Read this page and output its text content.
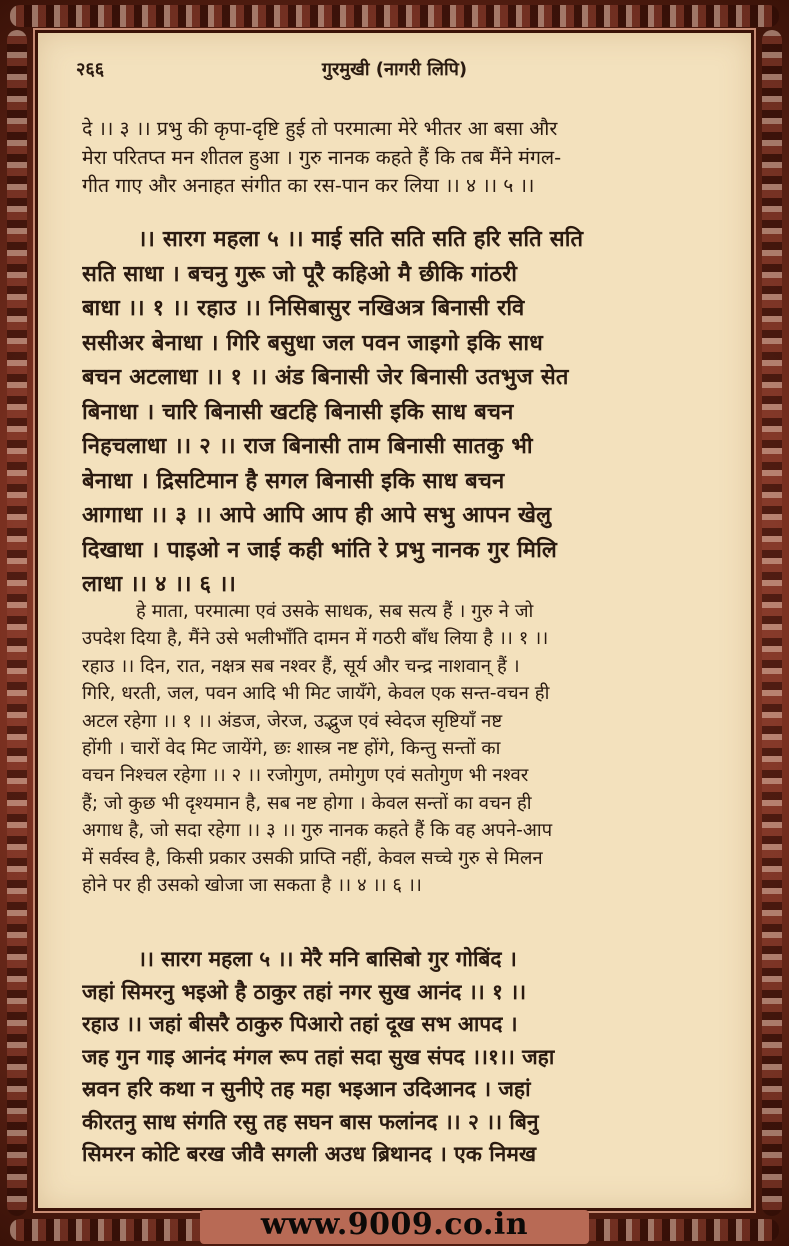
२६६	गुरमुखी (नागरी लिपि)
दे ।। ३ ।। प्रभु की कृपा-दृष्टि हुई तो परमात्मा मेरे भीतर आ बसा और
मेरा परितप्त मन शीतल हुआ । गुरु नानक कहते हैं कि तब मैंने मंगल-
गीत गाए और अनाहत संगीत का रस-पान कर लिया ।। ४ ।। ५ ।।
।। सारग महला ५ ।। माई सति सति सति हरि सति सति
सति साधा । बचनु गुरू जो पूरै कहिओ मै छीकि गांठरी
बाधा ।। १ ।। रहाउ ।। निसिबासुर नखिअत्र बिनासी रवि
ससीअर बेनाधा । गिरि बसुधा जल पवन जाइगो इकि साध
बचन अटलाधा ।। १ ।। अंड बिनासी जेर बिनासी उतभुज सेत
बिनाधा । चारि बिनासी खटहि बिनासी इकि साध बचन
निहचलाधा ।। २ ।। राज बिनासी ताम बिनासी सातकु भी
बेनाधा । द्रिसटिमान है सगल बिनासी इकि साध बचन
आगाधा ।। ३ ।। आपे आपि आप ही आपे सभु आपन खेलु
दिखाधा । पाइओ न जाई कही भांति रे प्रभु नानक गुर मिलि
लाधा ।। ४ ।। ६ ।।
हे माता, परमात्मा एवं उसके साधक, सब सत्य हैं । गुरु ने जो
उपदेश दिया है, मैंने उसे भलीभाँति दामन में गठरी बाँध लिया है ।। १ ।।
रहाउ ।। दिन, रात, नक्षत्र सब नश्वर हैं, सूर्य और चन्द्र नाशवान् हैं ।
गिरि, धरती, जल, पवन आदि भी मिट जायँगे, केवल एक सन्त-वचन ही
अटल रहेगा ।। १ ।। अंडज, जेरज, उद्भुज एवं स्वेदज सृष्टियाँ नष्ट
होंगी । चारों वेद मिट जायेंगे, छः शास्त्र नष्ट होंगे, किन्तु सन्तों का
वचन निश्चल रहेगा ।। २ ।। रजोगुण, तमोगुण एवं सतोगुण भी नश्वर
हैं; जो कुछ भी दृश्यमान है, सब नष्ट होगा । केवल सन्तों का वचन ही
अगाध है, जो सदा रहेगा ।। ३ ।। गुरु नानक कहते हैं कि वह अपने-आप
में सर्वस्व है, किसी प्रकार उसकी प्राप्ति नहीं, केवल सच्चे गुरु से मिलन
होने पर ही उसको खोजा जा सकता है ।। ४ ।। ६ ।।
।। सारग महला ५ ।। मेरै मनि बासिबो गुर गोबिंद ।
जहां सिमरनु भइओ है ठाकुर तहां नगर सुख आनंद ।। १ ।।
रहाउ ।। जहां बीसरै ठाकुरु पिआरो तहां दूख सभ आपद ।
जह गुन गाइ आनंद मंगल रूप तहां सदा सुख संपद ।।१।। जहा
स्रवन हरि कथा न सुनीऐ तह महा भइआन उदिआनद । जहां
कीरतनु साध संगति रसु तह सघन बास फलांनद ।। २ ।। बिनु
सिमरन कोटि बरख जीवै सगली अउध ब्रिथानद । एक निमख
www.9009.co.in
